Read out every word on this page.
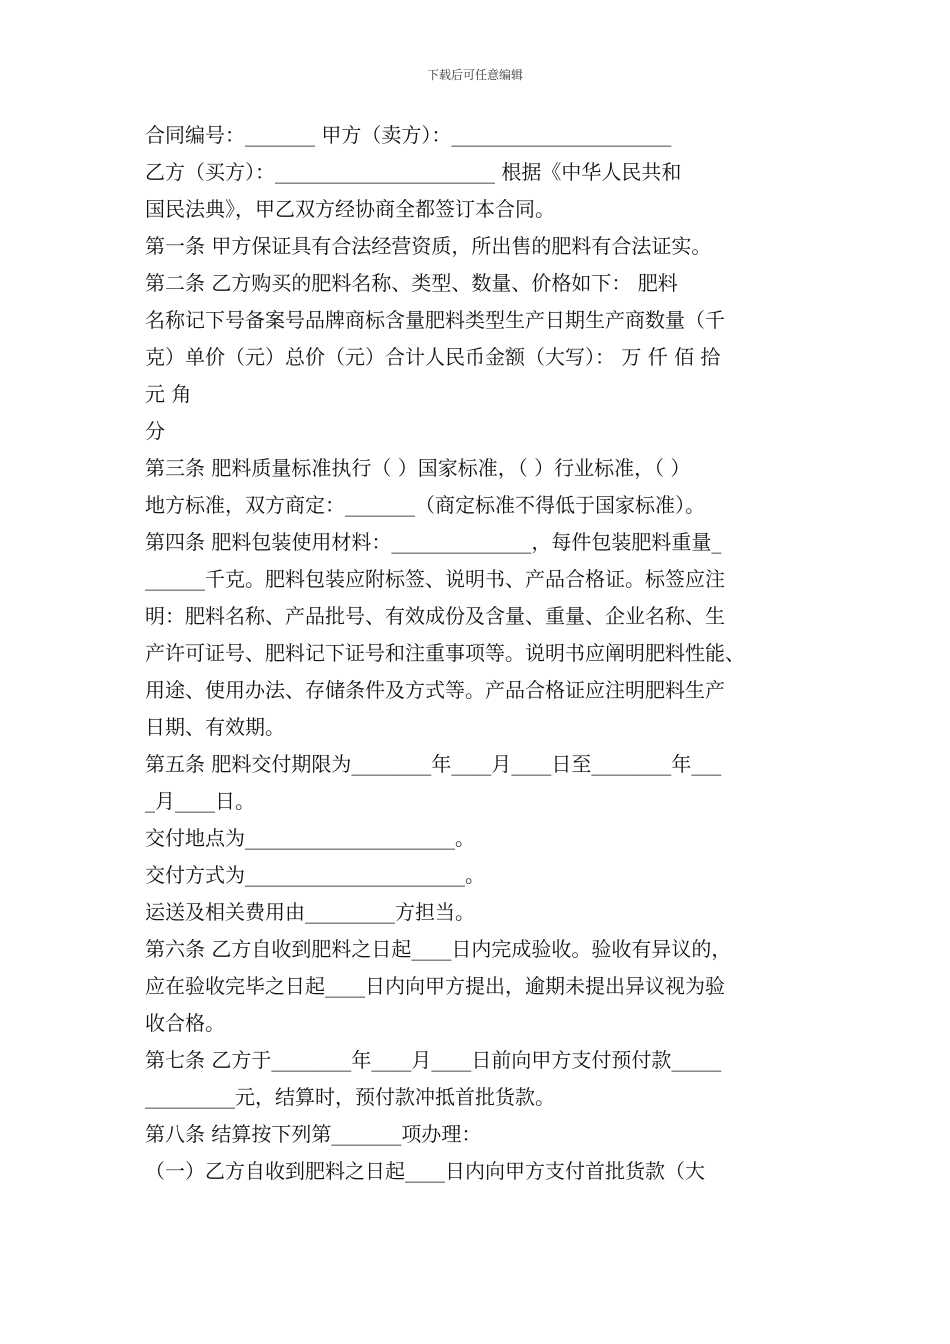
下载后可任意编辑
合同编号：_______ 甲方（卖方）：______________________
乙方（买方）：______________________ 根据《中华人民共和
国民法典》，甲乙双方经协商全都签订本合同。
第一条 甲方保证具有合法经营资质，所出售的肥料有合法证实。
第二条 乙方购买的肥料名称、类型、数量、价格如下： 肥料
名称记下号备案号品牌商标含量肥料类型生产日期生产商数量（千
克）单价（元）总价（元）合计人民币金额（大写）： 万 仟 佰 拾
元 角
分
第三条 肥料质量标准执行（ ）国家标准，（ ）行业标准，（ ）
地方标准，双方商定：_______（商定标准不得低于国家标准）。
第四条 肥料包装使用材料：______________，每件包装肥料重量_
______千克。肥料包装应附标签、说明书、产品合格证。标签应注
明：肥料名称、产品批号、有效成份及含量、重量、企业名称、生
产许可证号、肥料记下证号和注重事项等。说明书应阐明肥料性能、
用途、使用办法、存储条件及方式等。产品合格证应注明肥料生产
日期、有效期。
第五条 肥料交付期限为________年____月____日至________年___
_月____日。
交付地点为_____________________。
交付方式为______________________。
运送及相关费用由_________方担当。
第六条 乙方自收到肥料之日起____日内完成验收。验收有异议的，
应在验收完毕之日起____日内向甲方提出，逾期未提出异议视为验
收合格。
第七条 乙方于________年____月____日前向甲方支付预付款_____
_________元，结算时，预付款冲抵首批货款。
第八条 结算按下列第_______项办理：
（一）乙方自收到肥料之日起____日内向甲方支付首批货款（大
